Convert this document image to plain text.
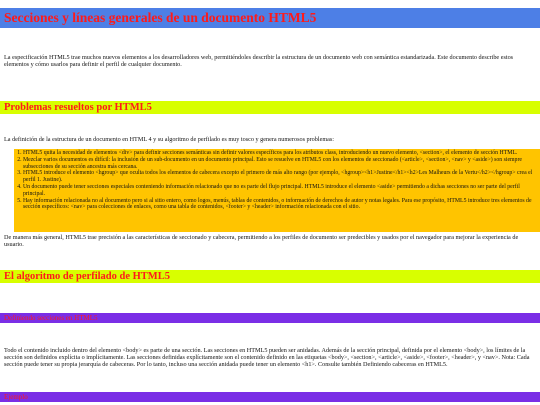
Secciones y líneas generales de un documento HTML5

La especificación HTML5 trae muchos nuevos elementos a los desarrolladores web, permitiéndoles describir la estructura de un documento web con semántica estandarizada. Este documento describe estos elementos y cómo usarlos para definir el perfil de cualquier documento.

Problemas resueltos por HTML5

La definición de la estructura de un documento en HTML 4 y su algoritmo de perfilado es muy tosco y genera numerosos problemas:

1. HTML5 quita la necesidad de elementos <div> para definir secciones semánticas sin definir valores específicos para los atributos class, introduciendo un nuevo elemento, <section>, el elemento de sección HTML.
2. Mezclar varios documentos es difícil: la inclusión de un sub-documento en un documento principal. Esto se resuelve en HTML5 con los elementos de seccionado (<article>, <section>, <nav> y <aside>) son siempre subsecciones de su sección ancestra más cercana.
3. HTML5 introduce el elemento <hgroup> que oculta todos los elementos de cabecera excepto el primero de más alto rango (por ejemplo, <hgroup><h1>Justine</h1><h2>Les Malheurs de la Vertu</h2></hgroup> crea el perfil 1. Justine).
4. Un documento puede tener secciones especiales conteniendo información relacionado que no es parte del flujo principal. HTML5 introduce el elemento <aside> permitiendo a dichas secciones no ser parte del perfil principal.
5. Hay información relacionada no al documento pero si al sitio entero, como logos, menús, tablas de contenidos, o información de derechos de autor y notas legales. Para ese propósito, HTML5 introduce tres elementos de sección específicos: <nav> para colecciones de enlaces, como una tabla de contenidos, <footer> y <header> información relacionada con el sitio.

De manera más general, HTML5 trae precisión a las características de seccionado y cabecera, permitiendo a los perfiles de documento ser predecibles y usados por el navegador para mejorar la experiencia de usuario.

El algoritmo de perfilado de HTML5
Definiendo secciones en HTML5

Todo el contenido incluido dentro del elemento <body> es parte de una sección. Las secciones en HTML5 pueden ser anidadas. Además de la sección principal, definida por el elemento <body>, los límites de la sección son definidos explícita o implícitamente. Las secciones definidas explícitamente son el contenido definido en las etiquetas <body>, <section>, <article>, <aside>, <footer>, <header>, y <nav>. Nota: Cada sección puede tener su propia jerarquía de cabeceras. Por lo tanto, incluso una sección anidada puede tener un elemento <h1>. Consulte también Definiendo cabeceras en HTML5.

Ejemplo
